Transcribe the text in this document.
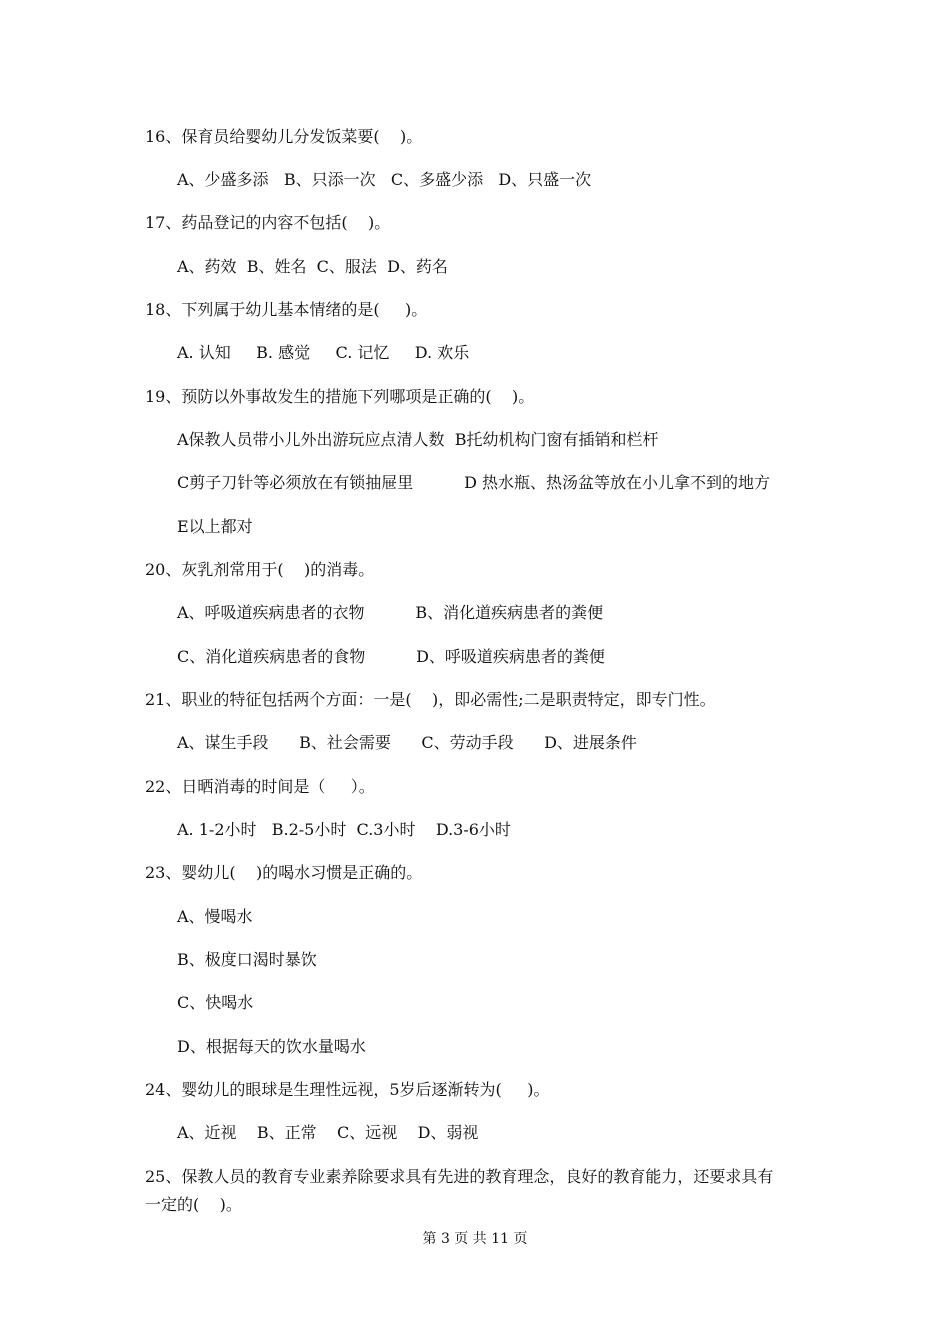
16、保育员给婴幼儿分发饭菜要(    )。

A、少盛多添   B、只添一次   C、多盛少添   D、只盛一次

17、药品登记的内容不包括(    )。

A、药效  B、姓名  C、服法  D、药名

18、下列属于幼儿基本情绪的是(     )。

A. 认知     B. 感觉     C. 记忆     D. 欢乐

19、预防以外事故发生的措施下列哪项是正确的(    )。

A保教人员带小儿外出游玩应点清人数  B托幼机构门窗有插销和栏杆

C剪子刀针等必须放在有锁抽屉里          D 热水瓶、热汤盆等放在小儿拿不到的地方

E以上都对

20、灰乳剂常用于(    )的消毒。

A、呼吸道疾病患者的衣物          B、消化道疾病患者的粪便

C、消化道疾病患者的食物          D、呼吸道疾病患者的粪便

21、职业的特征包括两个方面：一是(    )，即必需性;二是职责特定，即专门性。

A、谋生手段      B、社会需要      C、劳动手段      D、进展条件

22、日晒消毒的时间是（     ）。

A. 1-2小时   B.2-5小时  C.3小时    D.3-6小时

23、婴幼儿(    )的喝水习惯是正确的。

A、慢喝水

B、极度口渴时暴饮

C、快喝水

D、根据每天的饮水量喝水

24、婴幼儿的眼球是生理性远视，5岁后逐渐转为(     )。

A、近视    B、正常    C、远视    D、弱视

25、保教人员的教育专业素养除要求具有先进的教育理念，良好的教育能力，还要求具有

一定的(    )。

第 3 页 共 11 页
